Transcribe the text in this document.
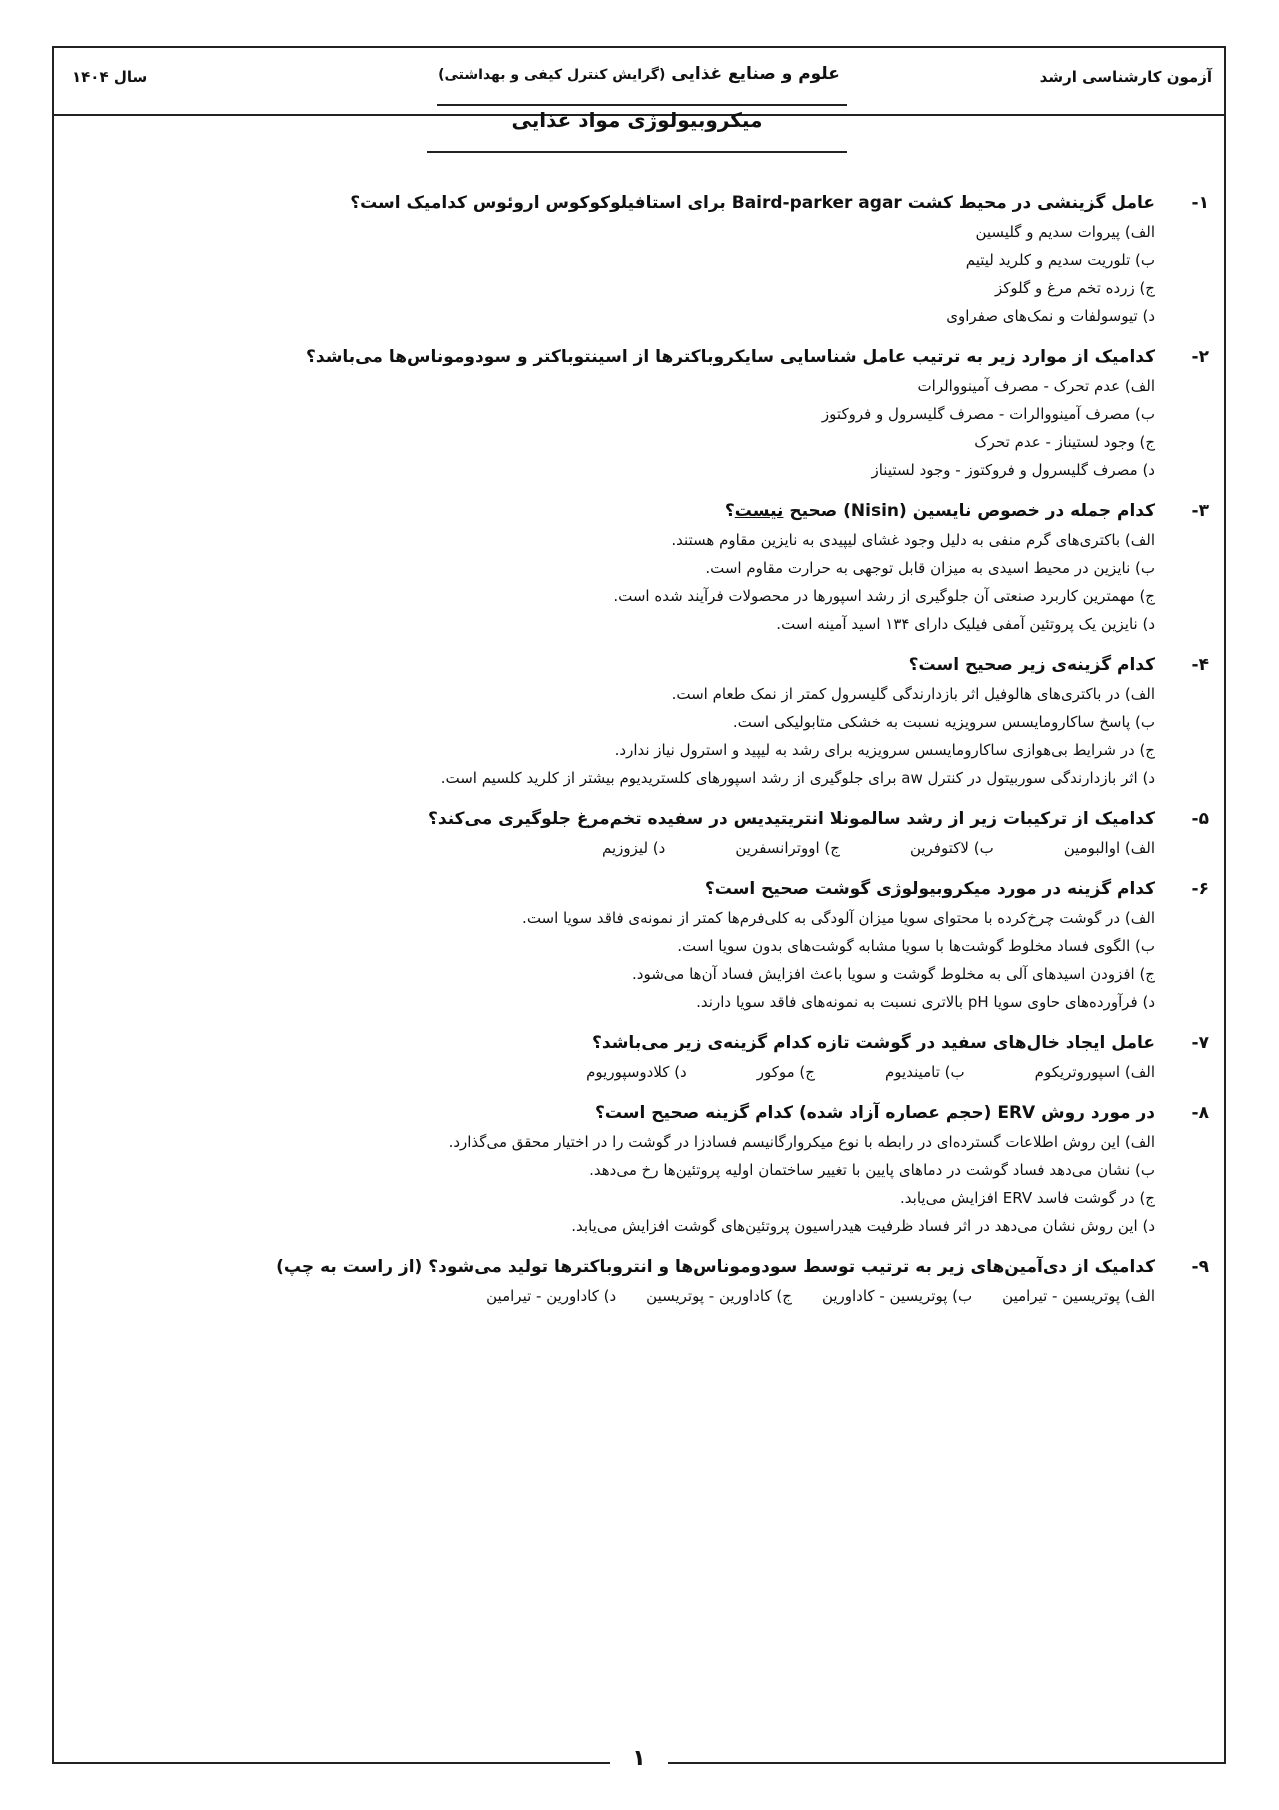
آزمون کارشناسی ارشد
علوم و صنایع غذایی (گرایش کنترل کیفی و بهداشتی)
سال ۱۴۰۴
۱
میکروبیولوژی مواد غذایی
۱-
عامل گزینشی در محیط کشت Baird-parker agar برای استافیلوکوکوس اروئوس کدامیک است؟
الف) پیروات سدیم و گلیسین
ب) تلوریت سدیم و کلرید لیتیم
ج) زرده تخم مرغ و گلوکز
د) تیوسولفات و نمک‌های صفراوی
۲-
کدامیک از موارد زیر به ترتیب عامل شناسایی سایکروباکترها از اسینتوباکتر و سودوموناس‌ها می‌باشد؟
الف) عدم تحرک - مصرف آمینووالرات
ب) مصرف آمینووالرات - مصرف گلیسرول و فروکتوز
ج) وجود لستیناز - عدم تحرک
د) مصرف گلیسرول و فروکتوز - وجود لستیناز
۳-
کدام جمله در خصوص نایسین (Nisin) صحیح نیست؟
الف) باکتری‌های گرم منفی به دلیل وجود غشای لیپیدی به نایزین مقاوم هستند.
ب) نایزین در محیط اسیدی به میزان قابل توجهی به حرارت مقاوم است.
ج) مهمترین کاربرد صنعتی آن جلوگیری از رشد اسپورها در محصولات فرآیند شده است.
د) نایزین یک پروتئین آمفی فیلیک دارای ۱۳۴ اسید آمینه است.
۴-
کدام گزینه‌ی زیر صحیح است؟
الف) در باکتری‌های هالوفیل اثر بازدارندگی گلیسرول کمتر از نمک طعام است.
ب) پاسخ ساکارومایسس سرویزیه نسبت به خشکی متابولیکی است.
ج) در شرایط بی‌هوازی ساکارومایسس سرویزیه برای رشد به لیپید و استرول نیاز ندارد.
د) اثر بازدارندگی سوربیتول در کنترل aw برای جلوگیری از رشد اسپورهای کلستریدیوم بیشتر از کلرید کلسیم است.
۵-
کدامیک از ترکیبات زیر از رشد سالمونلا انتریتیدیس در سفیده تخم‌مرغ جلوگیری می‌کند؟
الف) اوالبومین
ب) لاکتوفرین
ج) اووترانسفرین
د) لیزوزیم
۶-
کدام گزینه در مورد میکروبیولوژی گوشت صحیح است؟
الف) در گوشت چرخ‌کرده با محتوای سویا میزان آلودگی به کلی‌فرم‌ها کمتر از نمونه‌ی فاقد سویا است.
ب) الگوی فساد مخلوط گوشت‌ها با سویا مشابه گوشت‌های بدون سویا است.
ج) افزودن اسیدهای آلی به مخلوط گوشت و سویا باعث افزایش فساد آن‌ها می‌شود.
د) فرآورده‌های حاوی سویا pH بالاتری نسبت به نمونه‌های فاقد سویا دارند.
۷-
عامل ایجاد خال‌های سفید در گوشت تازه کدام گزینه‌ی زیر می‌باشد؟
الف) اسپوروتریکوم
ب) تامیندیوم
ج) موکور
د) کلادوسپوریوم
۸-
در مورد روش ERV (حجم عصاره آزاد شده) کدام گزینه صحیح است؟
الف) این روش اطلاعات گسترده‌ای در رابطه با نوع میکروارگانیسم فسادزا در گوشت را در اختیار محقق می‌گذارد.
ب) نشان می‌دهد فساد گوشت در دماهای پایین با تغییر ساختمان اولیه پروتئین‌ها رخ می‌دهد.
ج) در گوشت فاسد ERV افزایش می‌یابد.
د) این روش نشان می‌دهد در اثر فساد ظرفیت هیدراسیون پروتئین‌های گوشت افزایش می‌یابد.
۹-
کدامیک از دی‌آمین‌های زیر به ترتیب توسط سودوموناس‌ها و انتروباکترها تولید می‌شود؟ (از راست به چپ)
الف) پوتریسین - تیرامین
ب) پوتریسین - کاداورین
ج) کاداورین - پوتریسین
د) کاداورین - تیرامین
